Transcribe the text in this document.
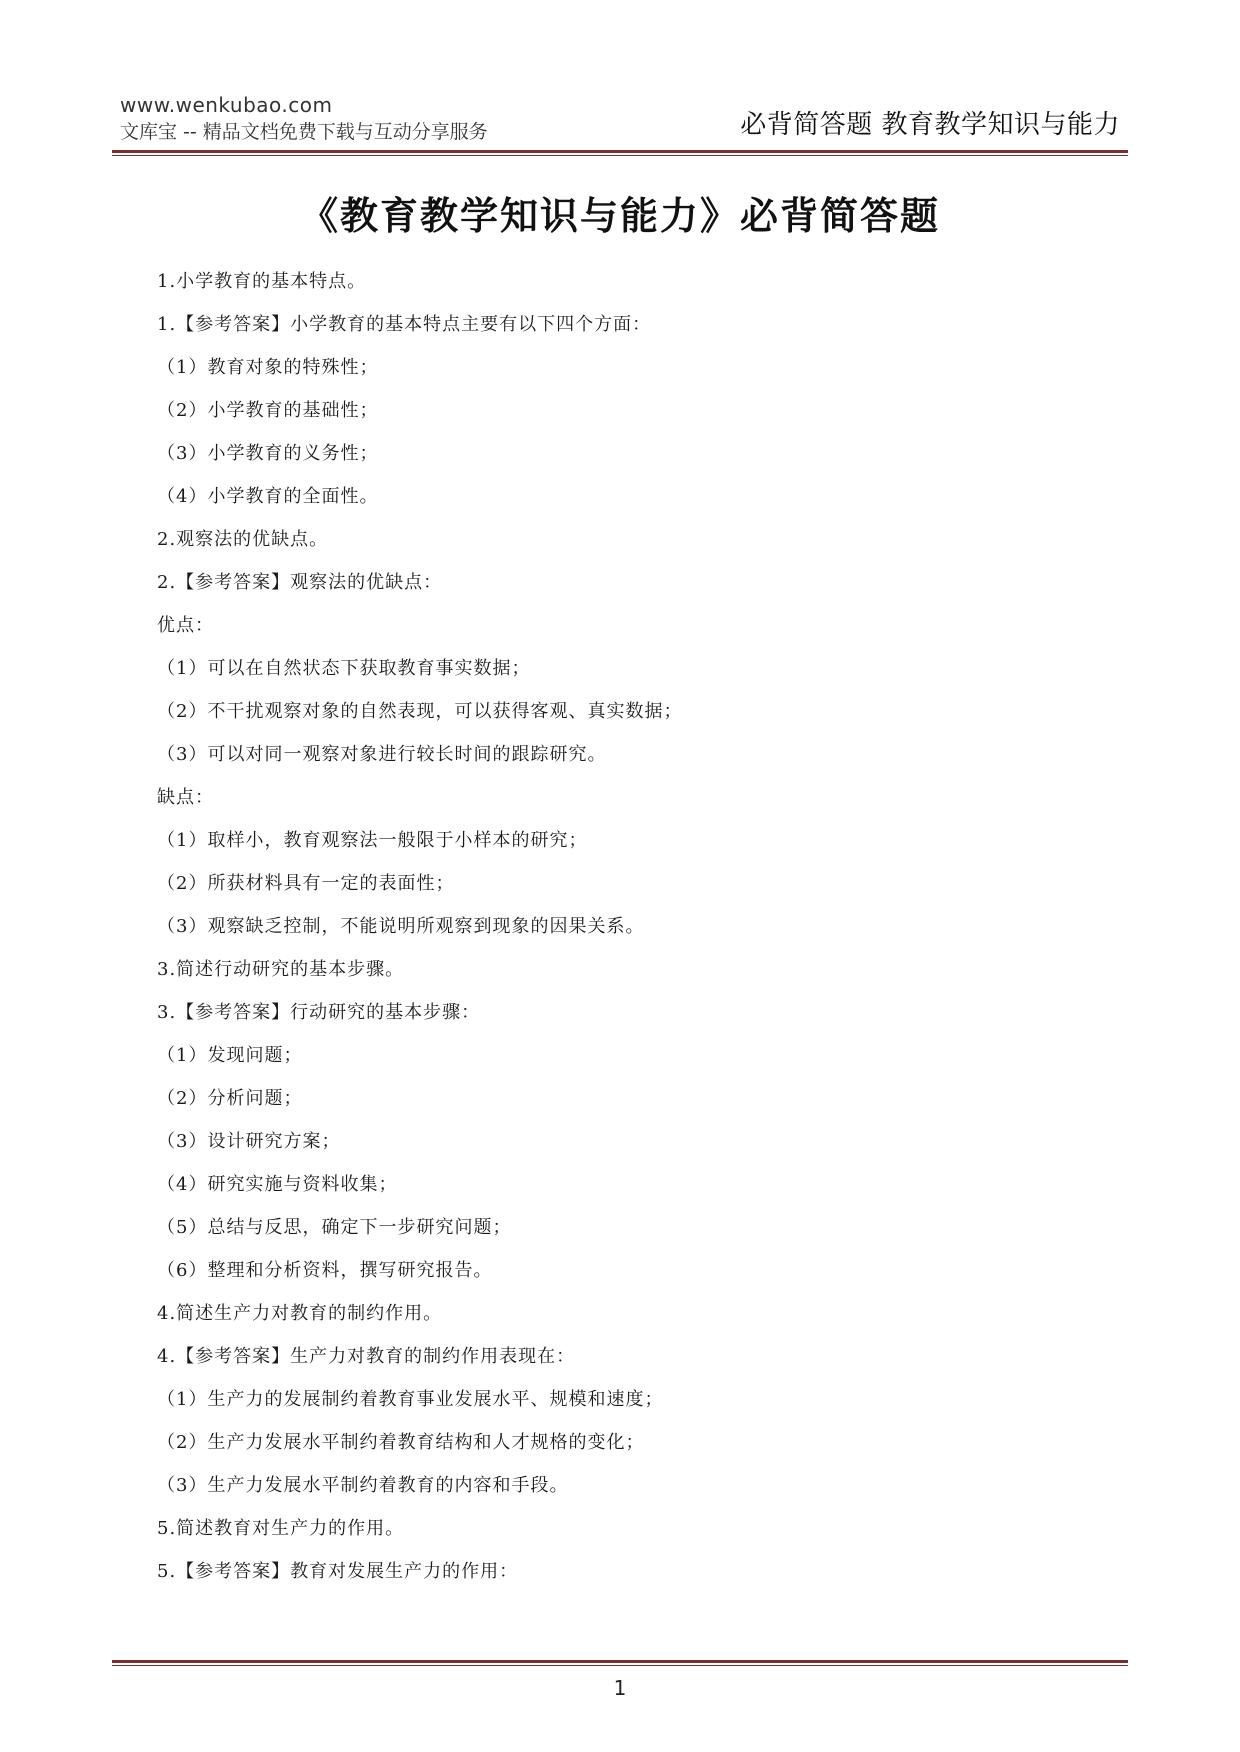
www.wenkubao.com
文库宝 -- 精品文档免费下载与互动分享服务	必背简答题 教育教学知识与能力
《教育教学知识与能力》必背简答题
1.小学教育的基本特点。
1.【参考答案】小学教育的基本特点主要有以下四个方面：
（1）教育对象的特殊性；
（2）小学教育的基础性；
（3）小学教育的义务性；
（4）小学教育的全面性。
2.观察法的优缺点。
2.【参考答案】观察法的优缺点：
优点：
（1）可以在自然状态下获取教育事实数据；
（2）不干扰观察对象的自然表现，可以获得客观、真实数据；
（3）可以对同一观察对象进行较长时间的跟踪研究。
缺点：
（1）取样小，教育观察法一般限于小样本的研究；
（2）所获材料具有一定的表面性；
（3）观察缺乏控制，不能说明所观察到现象的因果关系。
3.简述行动研究的基本步骤。
3.【参考答案】行动研究的基本步骤：
（1）发现问题；
（2）分析问题；
（3）设计研究方案；
（4）研究实施与资料收集；
（5）总结与反思，确定下一步研究问题；
（6）整理和分析资料，撰写研究报告。
4.简述生产力对教育的制约作用。
4.【参考答案】生产力对教育的制约作用表现在：
（1）生产力的发展制约着教育事业发展水平、规模和速度；
（2）生产力发展水平制约着教育结构和人才规格的变化；
（3）生产力发展水平制约着教育的内容和手段。
5.简述教育对生产力的作用。
5.【参考答案】教育对发展生产力的作用：
1
